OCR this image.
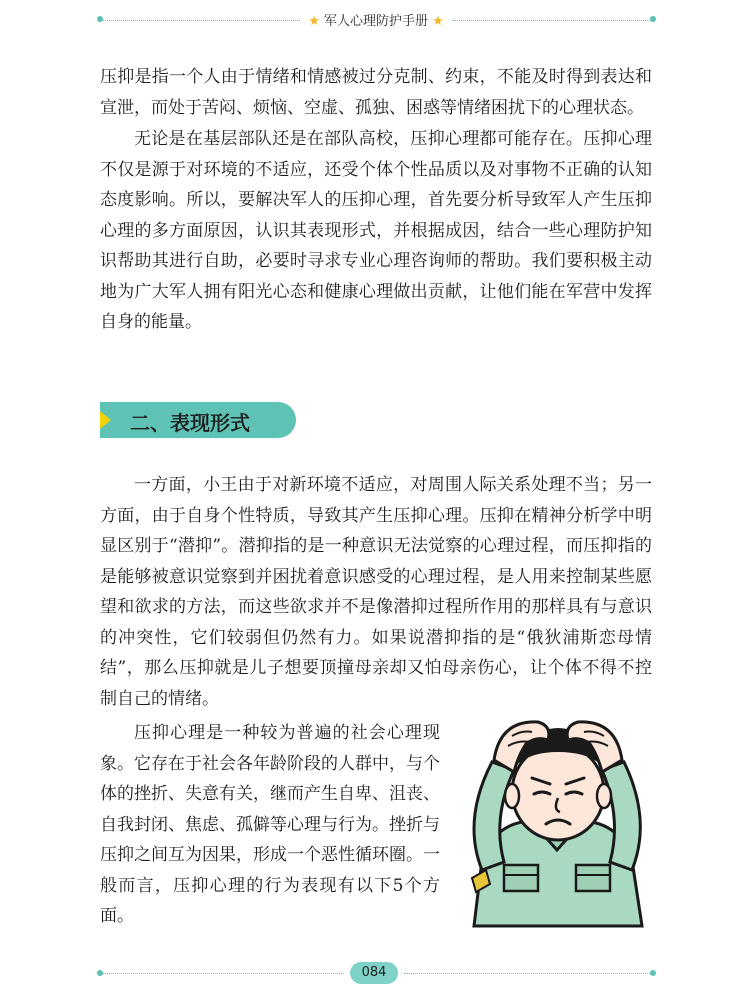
★ 军人心理防护手册 ★

压抑是指一个人由于情绪和情感被过分克制、约束，不能及时得到表达和宣泄，而处于苦闷、烦恼、空虚、孤独、困惑等情绪困扰下的心理状态。

无论是在基层部队还是在部队高校，压抑心理都可能存在。压抑心理不仅是源于对环境的不适应，还受个体个性品质以及对事物不正确的认知态度影响。所以，要解决军人的压抑心理，首先要分析导致军人产生压抑心理的多方面原因，认识其表现形式，并根据成因，结合一些心理防护知识帮助其进行自助，必要时寻求专业心理咨询师的帮助。我们要积极主动地为广大军人拥有阳光心态和健康心理做出贡献，让他们能在军营中发挥自身的能量。

二、表现形式

一方面，小王由于对新环境不适应，对周围人际关系处理不当；另一方面，由于自身个性特质，导致其产生压抑心理。压抑在精神分析学中明显区别于“潜抑”。潜抑指的是一种意识无法觉察的心理过程，而压抑指的是能够被意识觉察到并困扰着意识感受的心理过程，是人用来控制某些愿望和欲求的方法，而这些欲求并不是像潜抑过程所作用的那样具有与意识的冲突性，它们较弱但仍然有力。如果说潜抑指的是“俄狄浦斯恋母情结”，那么压抑就是儿子想要顶撞母亲却又怕母亲伤心，让个体不得不控制自己的情绪。

压抑心理是一种较为普遍的社会心理现象。它存在于社会各年龄阶段的人群中，与个体的挫折、失意有关，继而产生自卑、沮丧、自我封闭、焦虑、孤僻等心理与行为。挫折与压抑之间互为因果，形成一个恶性循环圈。一般而言，压抑心理的行为表现有以下5个方面。

084
